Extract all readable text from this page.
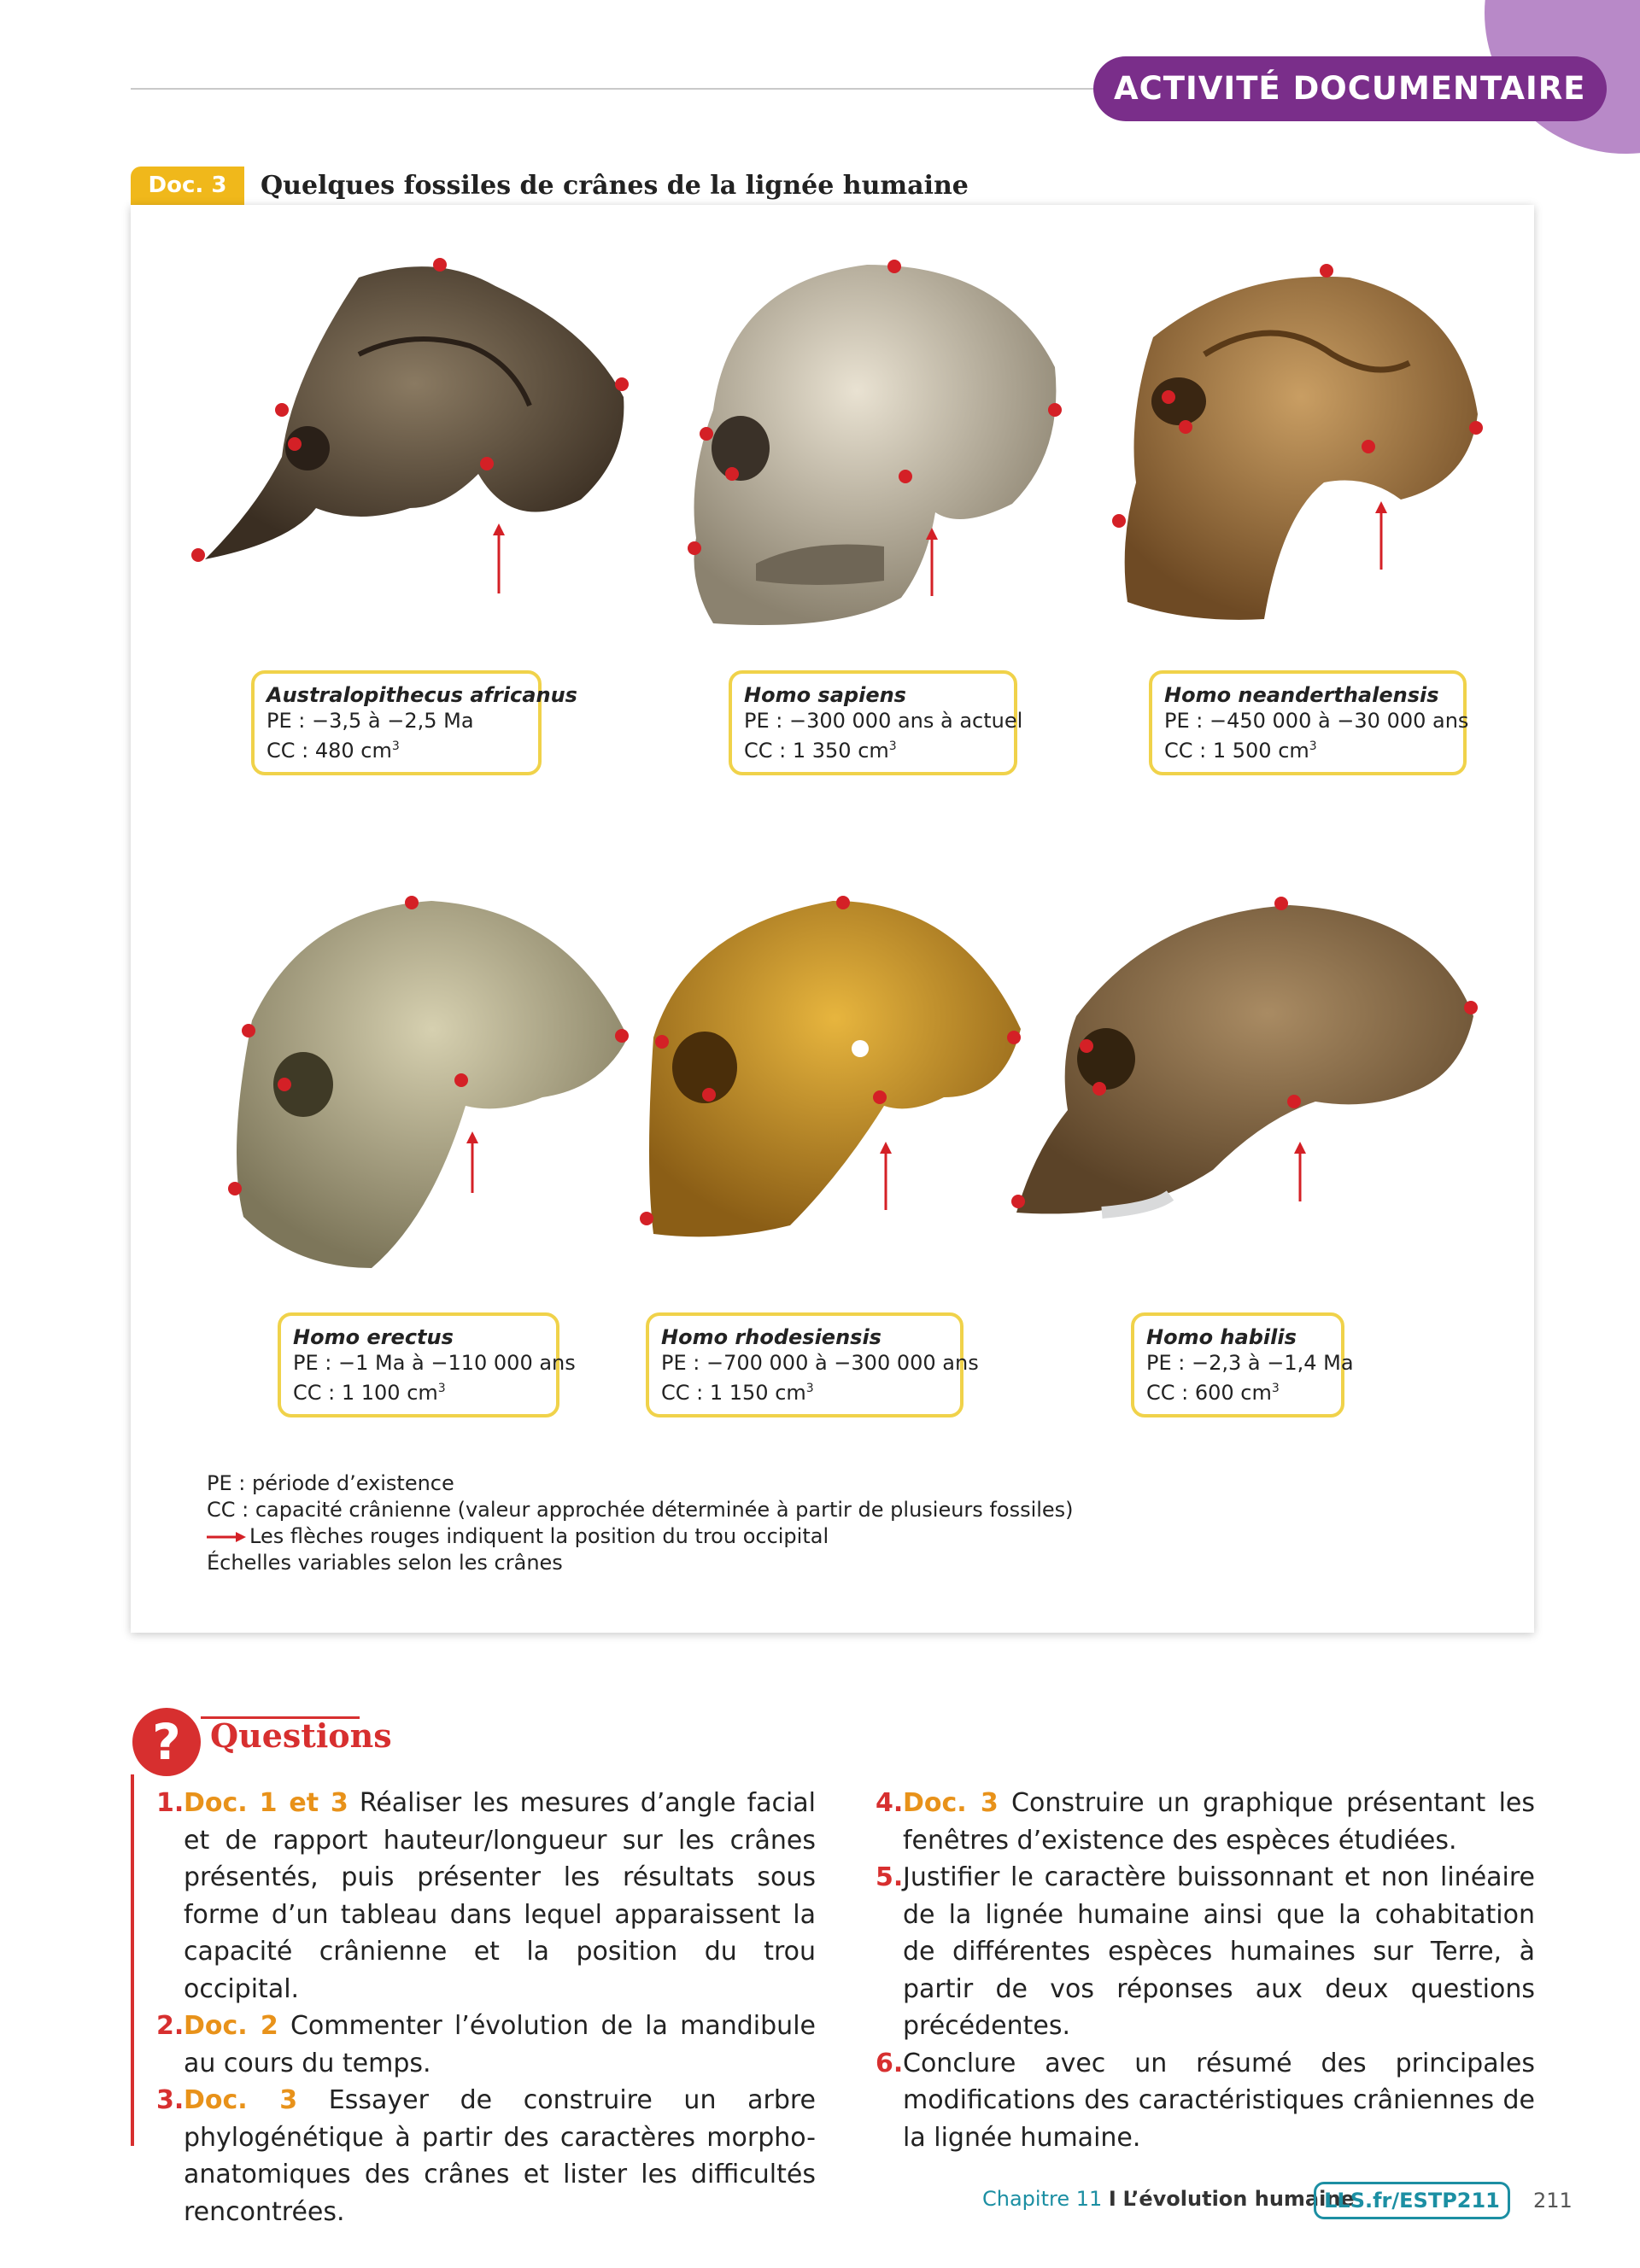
ACTIVITÉ DOCUMENTAIRE
Doc. 3	Quelques fossiles de crânes de la lignée humaine
Australopithecus africanus
PE : −3,5 à −2,5 Ma
CC : 480 $cm^3$
Homo sapiens
PE : −300 000 ans à actuel
CC : 1 350 $cm^3$
Homo neanderthalensis
PE : −450 000 à −30 000 ans
CC : 1 500 $cm^3$
Homo erectus
PE : −1 Ma à −110 000 ans
CC : 1 100 $cm^3$
Homo rhodesiensis
PE : −700 000 à −300 000 ans
CC : 1 150 $cm^3$
Homo habilis
PE : −2,3 à −1,4 Ma
CC : 600 $cm^3$
PE : période d’existence
CC : capacité crânienne (valeur approchée déterminée à partir de plusieurs fossiles)
Les flèches rouges indiquent la position du trou occipital
Échelles variables selon les crânes
? Questions
1. Doc. 1 et 3 Réaliser les mesures d’angle facial et de rapport hauteur/longueur sur les crânes présentés, puis présenter les résultats sous forme d’un tableau dans lequel apparaissent la capacité crânienne et la position du trou occipital.
2. Doc. 2 Commenter l’évolution de la mandibule au cours du temps.
3. Doc. 3 Essayer de construire un arbre phylogénétique à partir des caractères morpho-anatomiques des crânes et lister les difficultés rencontrées.
4. Doc. 3 Construire un graphique présentant les fenêtres d’existence des espèces étudiées.
5. Justifier le caractère buissonnant et non linéaire de la lignée humaine ainsi que la cohabitation de différentes espèces humaines sur Terre, à partir de vos réponses aux deux questions précédentes.
6. Conclure avec un résumé des principales modifications des caractéristiques crâniennes de la lignée humaine.
Chapitre 11 I L’évolution humaine
LLS.fr/ESTP211	211
